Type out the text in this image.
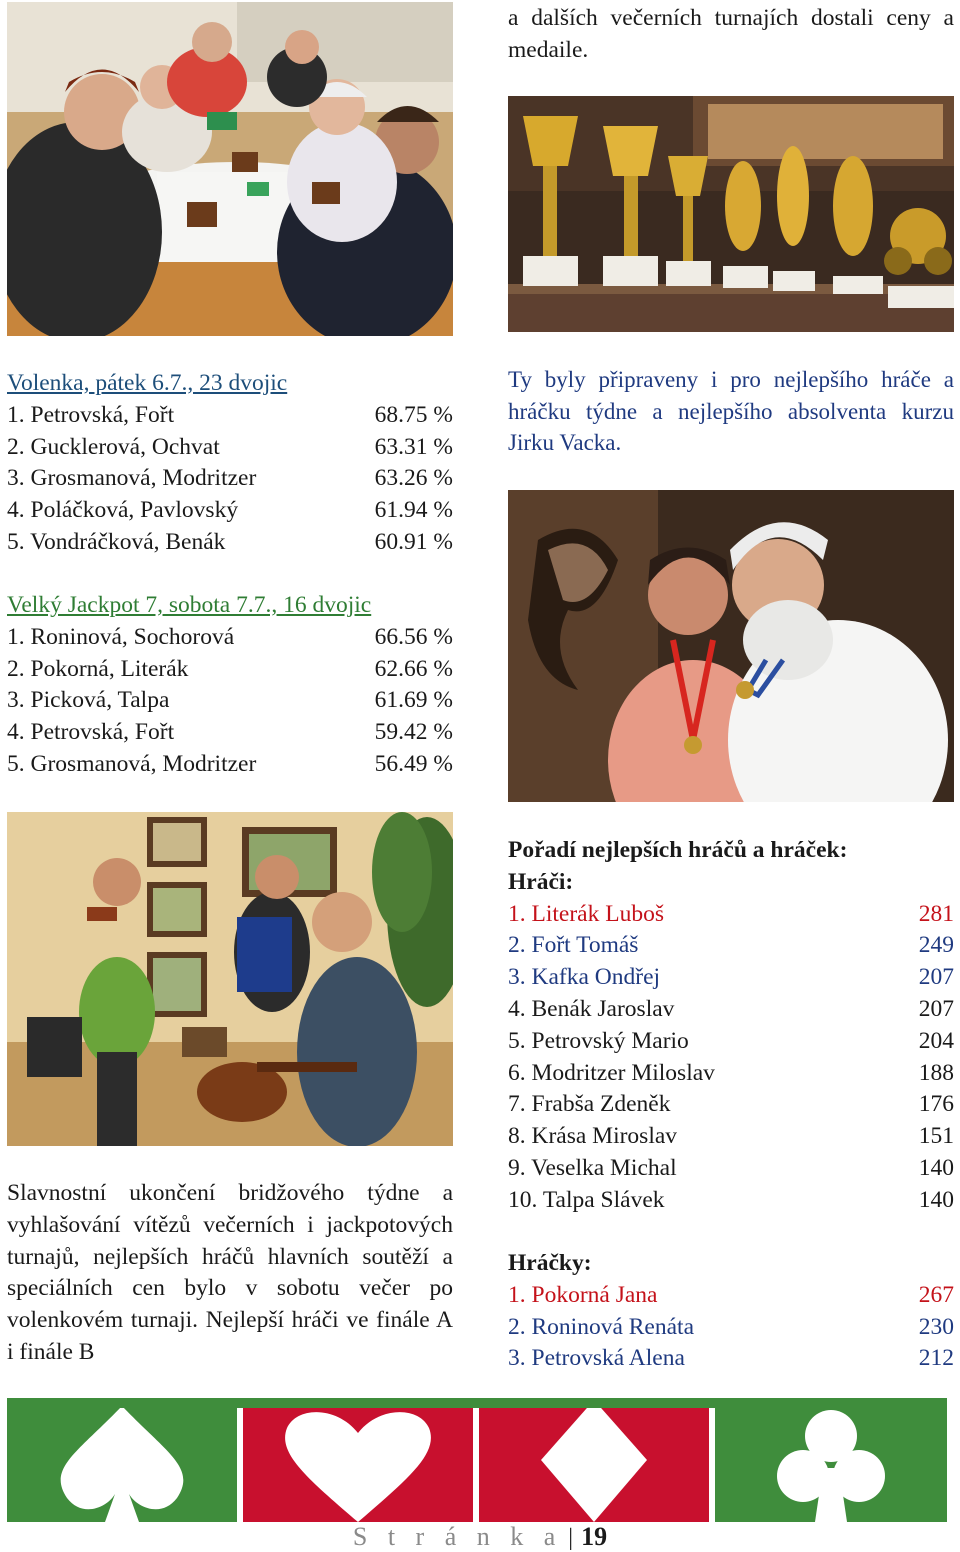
a dalších večerních turnajích dostali ceny a medaile.
Volenka, pátek 6.7., 23 dvojic
1. Petrovská, Fořt	68.75 %
2. Gucklerová, Ochvat	63.31 %
3. Grosmanová, Modritzer	63.26 %
4. Poláčková, Pavlovský	61.94 %
5. Vondráčková, Benák	60.91 %
Velký Jackpot 7, sobota 7.7., 16 dvojic
1. Roninová, Sochorová	66.56 %
2. Pokorná, Literák	62.66 %
3. Picková, Talpa	61.69 %
4. Petrovská, Fořt	59.42 %
5. Grosmanová, Modritzer	56.49 %
Ty byly připraveny i pro nejlepšího hráče a hráčku týdne a nejlepšího absolventa kurzu Jirku Vacka.
Slavnostní ukončení bridžového týdne a vyhlašování vítězů večerních i jackpotových turnajů, nejlepších hráčů hlavních soutěží a speciálních cen bylo v sobotu večer po volenkovém turnaji. Nejlepší hráči ve finále A i finále B
Pořadí nejlepších hráčů a hráček:
Hráči:
1. Literák Luboš	281
2. Fořt Tomáš	249
3. Kafka Ondřej	207
4. Benák Jaroslav	207
5. Petrovský Mario	204
6. Modritzer Miloslav	188
7. Frabša Zdeněk	176
8. Krása Miroslav	151
9. Veselka Michal	140
10. Talpa Slávek	140
Hráčky:
1. Pokorná Jana	267
2. Roninová Renáta	230
3. Petrovská Alena	212
S t r á n k a | 19
